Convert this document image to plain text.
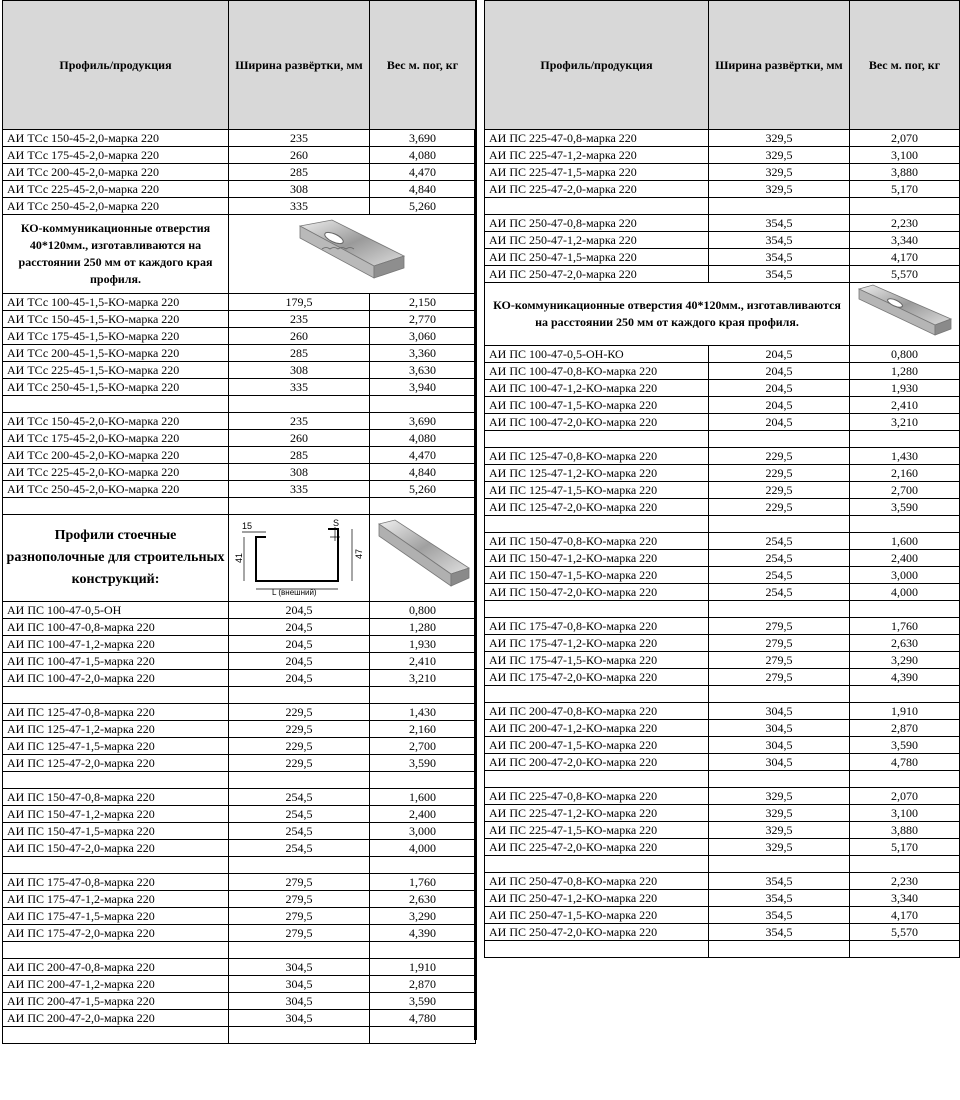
Профиль/продукция	Ширина развёртки, мм	Вес м. пог, кг
АИ ТСс 150-45-2,0-марка 220	235	3,690
АИ ТСс 175-45-2,0-марка 220	260	4,080
АИ ТСс 200-45-2,0-марка 220	285	4,470
АИ ТСс 225-45-2,0-марка 220	308	4,840
АИ ТСс 250-45-2,0-марка 220	335	5,260
КО-коммуникационные отверстия 40*120мм., изготавливаются на расстоянии 250 мм от каждого края профиля.	
АИ ТСс 100-45-1,5-КО-марка 220	179,5	2,150
АИ ТСс 150-45-1,5-КО-марка 220	235	2,770
АИ ТСс 175-45-1,5-КО-марка 220	260	3,060
АИ ТСс 200-45-1,5-КО-марка 220	285	3,360
АИ ТСс 225-45-1,5-КО-марка 220	308	3,630
АИ ТСс 250-45-1,5-КО-марка 220	335	3,940

АИ ТСс 150-45-2,0-КО-марка 220	235	3,690
АИ ТСс 175-45-2,0-КО-марка 220	260	4,080
АИ ТСс 200-45-2,0-КО-марка 220	285	4,470
АИ ТСс 225-45-2,0-КО-марка 220	308	4,840
АИ ТСс 250-45-2,0-КО-марка 220	335	5,260

Профили стоечные разнополочные для строительных конструкций:	15 S
41 47
L (внешний)

АИ ПС 100-47-0,5-ОН	204,5	0,800
АИ ПС 100-47-0,8-марка 220	204,5	1,280
АИ ПС 100-47-1,2-марка 220	204,5	1,930
АИ ПС 100-47-1,5-марка 220	204,5	2,410
АИ ПС 100-47-2,0-марка 220	204,5	3,210

АИ ПС 125-47-0,8-марка 220	229,5	1,430
АИ ПС 125-47-1,2-марка 220	229,5	2,160
АИ ПС 125-47-1,5-марка 220	229,5	2,700
АИ ПС 125-47-2,0-марка 220	229,5	3,590

АИ ПС 150-47-0,8-марка 220	254,5	1,600
АИ ПС 150-47-1,2-марка 220	254,5	2,400
АИ ПС 150-47-1,5-марка 220	254,5	3,000
АИ ПС 150-47-2,0-марка 220	254,5	4,000

АИ ПС 175-47-0,8-марка 220	279,5	1,760
АИ ПС 175-47-1,2-марка 220	279,5	2,630
АИ ПС 175-47-1,5-марка 220	279,5	3,290
АИ ПС 175-47-2,0-марка 220	279,5	4,390

АИ ПС 200-47-0,8-марка 220	304,5	1,910
АИ ПС 200-47-1,2-марка 220	304,5	2,870
АИ ПС 200-47-1,5-марка 220	304,5	3,590
АИ ПС 200-47-2,0-марка 220	304,5	4,780

Профиль/продукция	Ширина развёртки, мм	Вес м. пог, кг
АИ ПС 225-47-0,8-марка 220	329,5	2,070
АИ ПС 225-47-1,2-марка 220	329,5	3,100
АИ ПС 225-47-1,5-марка 220	329,5	3,880
АИ ПС 225-47-2,0-марка 220	329,5	5,170

АИ ПС 250-47-0,8-марка 220	354,5	2,230
АИ ПС 250-47-1,2-марка 220	354,5	3,340
АИ ПС 250-47-1,5-марка 220	354,5	4,170
АИ ПС 250-47-2,0-марка 220	354,5	5,570
КО-коммуникационные отверстия 40*120мм., изготавливаются на расстоянии 250 мм от каждого края профиля.	
АИ ПС 100-47-0,5-ОН-КО	204,5	0,800
АИ ПС 100-47-0,8-КО-марка 220	204,5	1,280
АИ ПС 100-47-1,2-КО-марка 220	204,5	1,930
АИ ПС 100-47-1,5-КО-марка 220	204,5	2,410
АИ ПС 100-47-2,0-КО-марка 220	204,5	3,210

АИ ПС 125-47-0,8-КО-марка 220	229,5	1,430
АИ ПС 125-47-1,2-КО-марка 220	229,5	2,160
АИ ПС 125-47-1,5-КО-марка 220	229,5	2,700
АИ ПС 125-47-2,0-КО-марка 220	229,5	3,590

АИ ПС 150-47-0,8-КО-марка 220	254,5	1,600
АИ ПС 150-47-1,2-КО-марка 220	254,5	2,400
АИ ПС 150-47-1,5-КО-марка 220	254,5	3,000
АИ ПС 150-47-2,0-КО-марка 220	254,5	4,000

АИ ПС 175-47-0,8-КО-марка 220	279,5	1,760
АИ ПС 175-47-1,2-КО-марка 220	279,5	2,630
АИ ПС 175-47-1,5-КО-марка 220	279,5	3,290
АИ ПС 175-47-2,0-КО-марка 220	279,5	4,390

АИ ПС 200-47-0,8-КО-марка 220	304,5	1,910
АИ ПС 200-47-1,2-КО-марка 220	304,5	2,870
АИ ПС 200-47-1,5-КО-марка 220	304,5	3,590
АИ ПС 200-47-2,0-КО-марка 220	304,5	4,780

АИ ПС 225-47-0,8-КО-марка 220	329,5	2,070
АИ ПС 225-47-1,2-КО-марка 220	329,5	3,100
АИ ПС 225-47-1,5-КО-марка 220	329,5	3,880
АИ ПС 225-47-2,0-КО-марка 220	329,5	5,170

АИ ПС 250-47-0,8-КО-марка 220	354,5	2,230
АИ ПС 250-47-1,2-КО-марка 220	354,5	3,340
АИ ПС 250-47-1,5-КО-марка 220	354,5	4,170
АИ ПС 250-47-2,0-КО-марка 220	354,5	5,570
